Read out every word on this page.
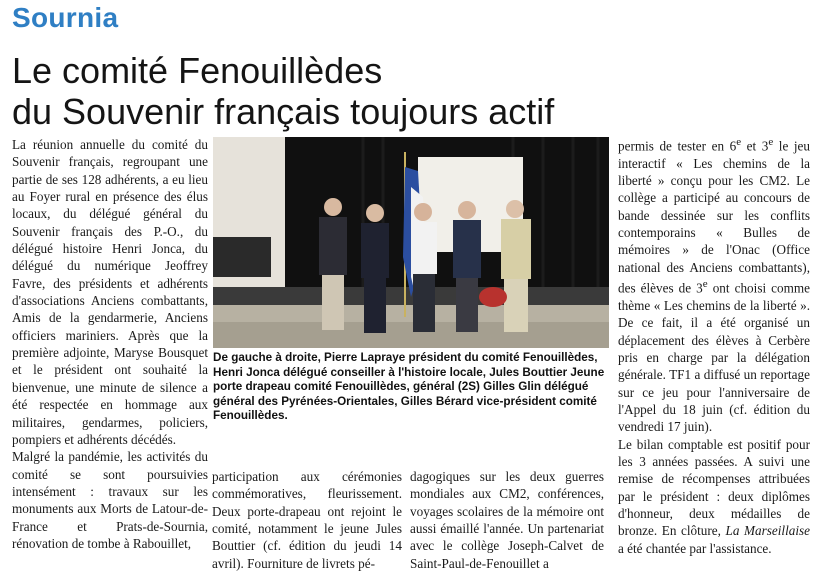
Sournia
Le comité Fenouillèdes
du Souvenir français toujours actif

La réunion annuelle du comité du Souvenir français, regroupant une partie de ses 128 adhérents, a eu lieu au Foyer rural en présence des élus locaux, du délégué général du Souvenir français des P.-O., du délégué histoire Henri Jonca, du délégué du numérique Jeoffrey Favre, des présidents et adhérents d'associations Anciens combattants, Amis de la gendarmerie, Anciens officiers mariniers. Après que la première adjointe, Maryse Bousquet et le président ont souhaité la bienvenue, une minute de silence a été respectée en hommage aux militaires, gendarmes, policiers, pompiers et adhérents décédés.

Malgré la pandémie, les activités du comité se sont poursuivies intensément : travaux sur les monuments aux Morts de Latour-de-France et Prats-de-Sournia, rénovation de tombe à Rabouillet,

De gauche à droite, Pierre Lapraye président du comité Fenouillèdes, Henri Jonca délégué conseiller à l'histoire locale, Jules Bouttier Jeune porte drapeau comité Fenouillèdes, général (2S) Gilles Glin délégué général des Pyrénées-Orientales, Gilles Bérard vice-président comité Fenouillèdes.

participation aux cérémonies commémoratives, fleurissement. Deux porte-drapeau ont rejoint le comité, notamment le jeune Jules Bouttier (cf. édition du jeudi 14 avril). Fourniture de livrets pé-

dagogiques sur les deux guerres mondiales aux CM2, conférences, voyages scolaires de la mémoire ont aussi émaillé l'année. Un partenariat avec le collège Joseph-Calvet de Saint-Paul-de-Fenouillet a

permis de tester en 6e et 3e le jeu interactif « Les chemins de la liberté » conçu pour les CM2. Le collège a participé au concours de bande dessinée sur les conflits contemporains « Bulles de mémoires » de l'Onac (Office national des Anciens combattants), des élèves de 3e ont choisi comme thème « Les chemins de la liberté ». De ce fait, il a été organisé un déplacement des élèves à Cerbère pris en charge par la délégation générale. TF1 a diffusé un reportage sur ce jeu pour l'anniversaire de l'Appel du 18 juin (cf. édition du vendredi 17 juin).

Le bilan comptable est positif pour les 3 années passées. A suivi une remise de récompenses attribuées par le président : deux diplômes d'honneur, deux médailles de bronze. En clôture, La Marseillaise a été chantée par l'assistance.
